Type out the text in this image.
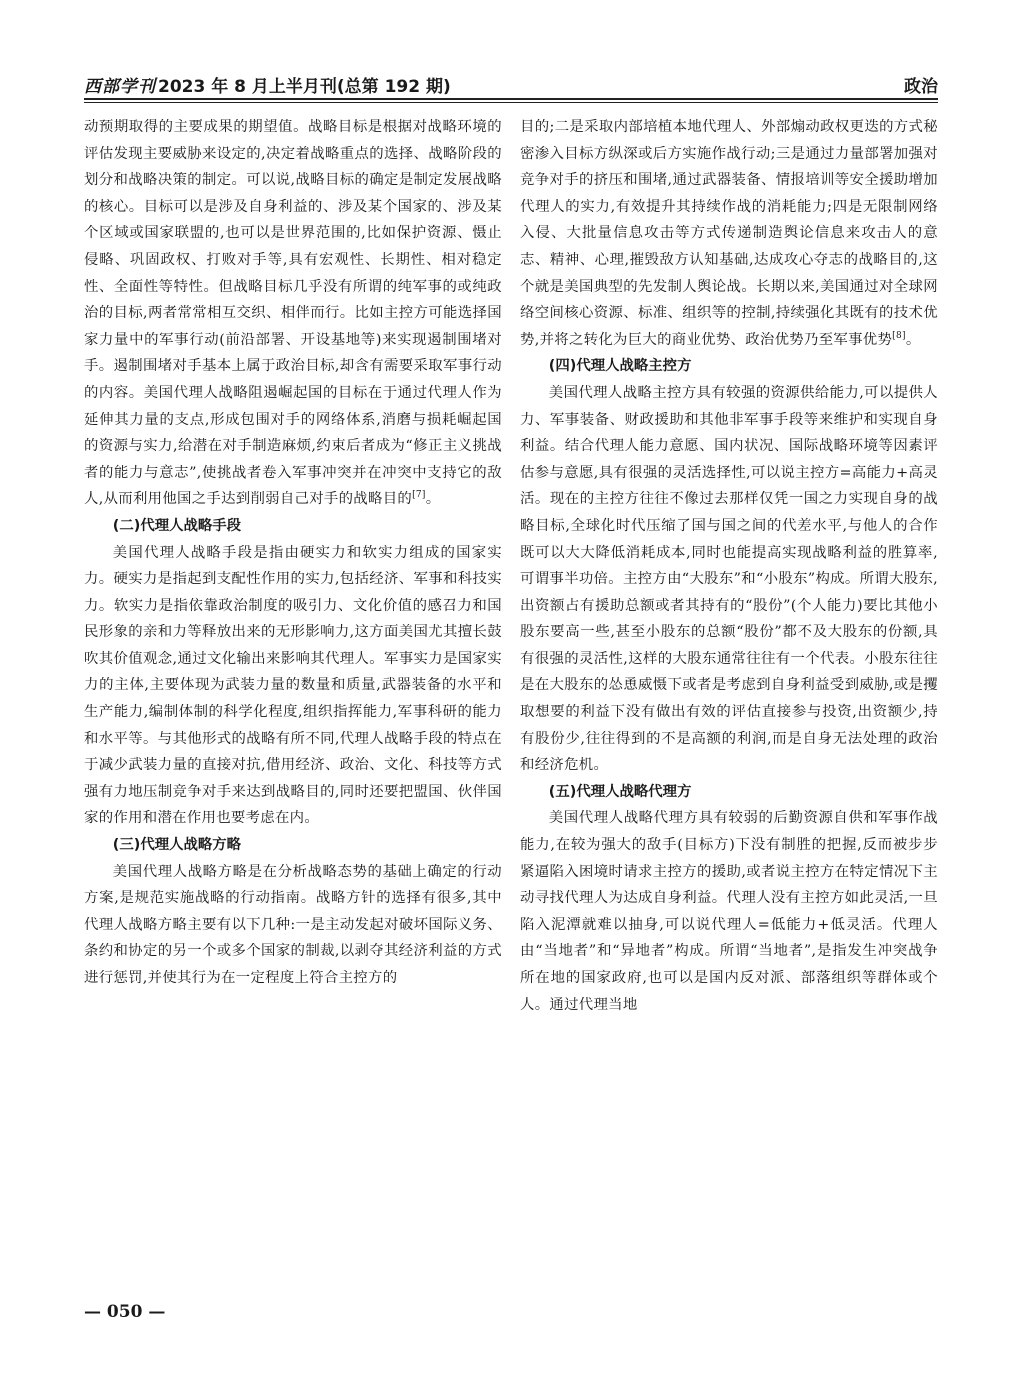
西部学刊 2023 年 8 月上半月刊(总第 192 期)	政治

动预期取得的主要成果的期望值。战略目标是根据对战略环境的评估发现主要威胁来设定的,决定着战略重点的选择、战略阶段的划分和战略决策的制定。可以说,战略目标的确定是制定发展战略的核心。目标可以是涉及自身利益的、涉及某个国家的、涉及某个区域或国家联盟的,也可以是世界范围的,比如保护资源、慑止侵略、巩固政权、打败对手等,具有宏观性、长期性、相对稳定性、全面性等特性。但战略目标几乎没有所谓的纯军事的或纯政治的目标,两者常常相互交织、相伴而行。比如主控方可能选择国家力量中的军事行动(前沿部署、开设基地等)来实现遏制围堵对手。遏制围堵对手基本上属于政治目标,却含有需要采取军事行动的内容。美国代理人战略阻遏崛起国的目标在于通过代理人作为延伸其力量的支点,形成包围对手的网络体系,消磨与损耗崛起国的资源与实力,给潜在对手制造麻烦,约束后者成为“修正主义挑战者的能力与意志”,使挑战者卷入军事冲突并在冲突中支持它的敌人,从而利用他国之手达到削弱自己对手的战略目的[7]。

(二)代理人战略手段

美国代理人战略手段是指由硬实力和软实力组成的国家实力。硬实力是指起到支配性作用的实力,包括经济、军事和科技实力。软实力是指依靠政治制度的吸引力、文化价值的感召力和国民形象的亲和力等释放出来的无形影响力,这方面美国尤其擅长鼓吹其价值观念,通过文化输出来影响其代理人。军事实力是国家实力的主体,主要体现为武装力量的数量和质量,武器装备的水平和生产能力,编制体制的科学化程度,组织指挥能力,军事科研的能力和水平等。与其他形式的战略有所不同,代理人战略手段的特点在于减少武装力量的直接对抗,借用经济、政治、文化、科技等方式强有力地压制竞争对手来达到战略目的,同时还要把盟国、伙伴国家的作用和潜在作用也要考虑在内。

(三)代理人战略方略

美国代理人战略方略是在分析战略态势的基础上确定的行动方案,是规范实施战略的行动指南。战略方针的选择有很多,其中代理人战略方略主要有以下几种:一是主动发起对破坏国际义务、条约和协定的另一个或多个国家的制裁,以剥夺其经济利益的方式进行惩罚,并使其行为在一定程度上符合主控方的

目的;二是采取内部培植本地代理人、外部煽动政权更迭的方式秘密渗入目标方纵深或后方实施作战行动;三是通过力量部署加强对竞争对手的挤压和围堵,通过武器装备、情报培训等安全援助增加代理人的实力,有效提升其持续作战的消耗能力;四是无限制网络入侵、大批量信息攻击等方式传递制造舆论信息来攻击人的意志、精神、心理,摧毁敌方认知基础,达成攻心夺志的战略目的,这个就是美国典型的先发制人舆论战。长期以来,美国通过对全球网络空间核心资源、标准、组织等的控制,持续强化其既有的技术优势,并将之转化为巨大的商业优势、政治优势乃至军事优势[8]。

(四)代理人战略主控方

美国代理人战略主控方具有较强的资源供给能力,可以提供人力、军事装备、财政援助和其他非军事手段等来维护和实现自身利益。结合代理人能力意愿、国内状况、国际战略环境等因素评估参与意愿,具有很强的灵活选择性,可以说主控方=高能力+高灵活。现在的主控方往往不像过去那样仅凭一国之力实现自身的战略目标,全球化时代压缩了国与国之间的代差水平,与他人的合作既可以大大降低消耗成本,同时也能提高实现战略利益的胜算率,可谓事半功倍。主控方由“大股东”和“小股东”构成。所谓大股东,出资额占有援助总额或者其持有的“股份”(个人能力)要比其他小股东要高一些,甚至小股东的总额“股份”都不及大股东的份额,具有很强的灵活性,这样的大股东通常往往有一个代表。小股东往往是在大股东的怂恿威慑下或者是考虑到自身利益受到威胁,或是攫取想要的利益下没有做出有效的评估直接参与投资,出资额少,持有股份少,往往得到的不是高额的利润,而是自身无法处理的政治和经济危机。

(五)代理人战略代理方

美国代理人战略代理方具有较弱的后勤资源自供和军事作战能力,在较为强大的敌手(目标方)下没有制胜的把握,反而被步步紧逼陷入困境时请求主控方的援助,或者说主控方在特定情况下主动寻找代理人为达成自身利益。代理人没有主控方如此灵活,一旦陷入泥潭就难以抽身,可以说代理人=低能力+低灵活。代理人由“当地者”和“异地者”构成。所谓“当地者”,是指发生冲突战争所在地的国家政府,也可以是国内反对派、部落组织等群体或个人。通过代理当地

— 050 —
